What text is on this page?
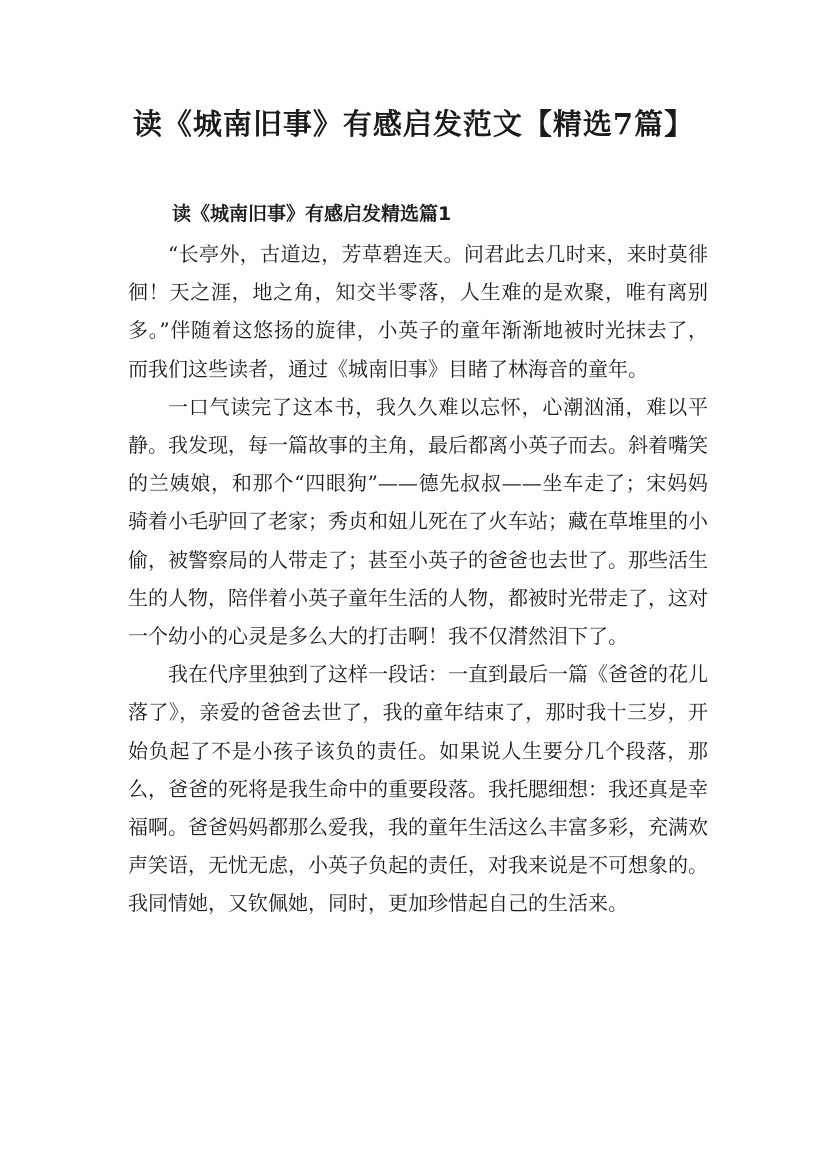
读《城南旧事》有感启发范文【精选7篇】
读《城南旧事》有感启发精选篇1

“长亭外，古道边，芳草碧连天。问君此去几时来，来时莫徘徊！天之涯，地之角，知交半零落，人生难的是欢聚，唯有离别多。”伴随着这悠扬的旋律，小英子的童年渐渐地被时光抹去了，而我们这些读者，通过《城南旧事》目睹了林海音的童年。

一口气读完了这本书，我久久难以忘怀，心潮汹涌，难以平静。我发现，每一篇故事的主角，最后都离小英子而去。斜着嘴笑的兰姨娘，和那个“四眼狗”——德先叔叔——坐车走了；宋妈妈骑着小毛驴回了老家；秀贞和妞儿死在了火车站；藏在草堆里的小偷，被警察局的人带走了；甚至小英子的爸爸也去世了。那些活生生的人物，陪伴着小英子童年生活的人物，都被时光带走了，这对一个幼小的心灵是多么大的打击啊！我不仅潸然泪下了。

我在代序里独到了这样一段话：一直到最后一篇《爸爸的花儿落了》，亲爱的爸爸去世了，我的童年结束了，那时我十三岁，开始负起了不是小孩子该负的责任。如果说人生要分几个段落，那么，爸爸的死将是我生命中的重要段落。我托腮细想：我还真是幸福啊。爸爸妈妈都那么爱我，我的童年生活这么丰富多彩，充满欢声笑语，无忧无虑，小英子负起的责任，对我来说是不可想象的。我同情她，又钦佩她，同时，更加珍惜起自己的生活来。
